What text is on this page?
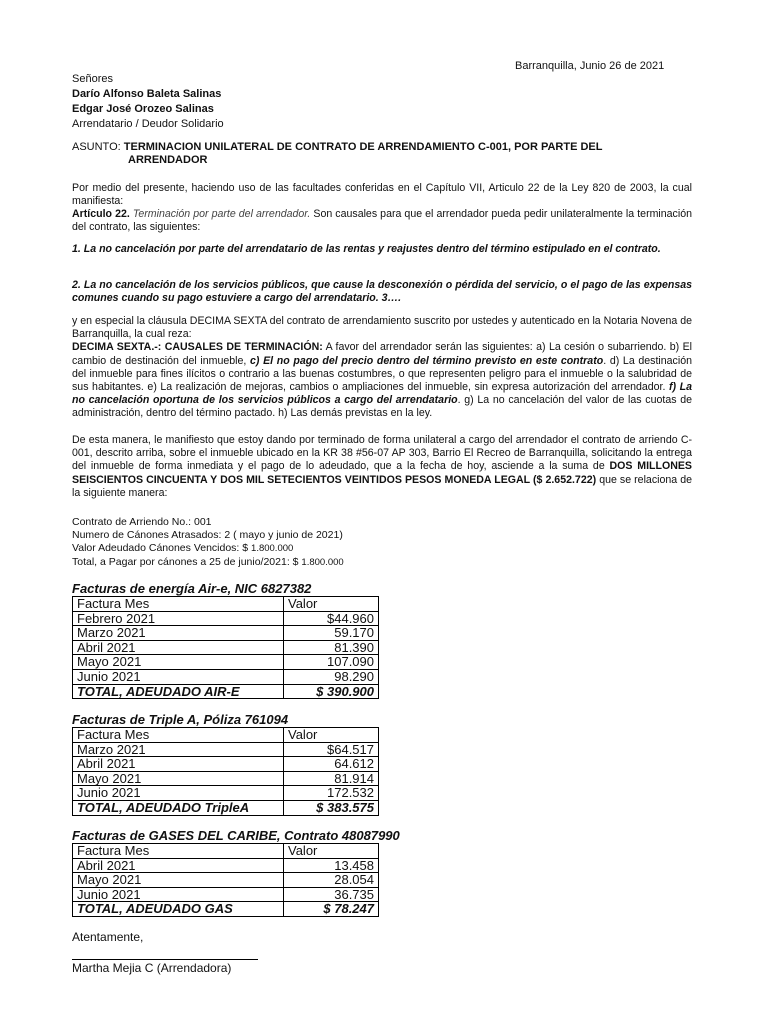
Barranquilla, Junio 26 de 2021
Señores
Darío Alfonso Baleta Salinas
Edgar José Orozeo Salinas
Arrendatario / Deudor Solidario
ASUNTO: TERMINACION UNILATERAL DE CONTRATO DE ARRENDAMIENTO C-001, POR PARTE DEL
ARRENDADOR
Por medio del presente, haciendo uso de las facultades conferidas en el Capítulo VII, Articulo 22 de la Ley 820 de 2003, la cual manifiesta:
Artículo 22. Terminación por parte del arrendador. Son causales para que el arrendador pueda pedir unilateralmente la terminación del contrato, las siguientes:
1. La no cancelación por parte del arrendatario de las rentas y reajustes dentro del término estipulado en el contrato.
2. La no cancelación de los servicios públicos, que cause la desconexión o pérdida del servicio, o el pago de las expensas comunes cuando su pago estuviere a cargo del arrendatario. 3….
y en especial la cláusula DECIMA SEXTA del contrato de arrendamiento suscrito por ustedes y autenticado en la Notaria Novena de Barranquilla, la cual reza:
DECIMA SEXTA.-: CAUSALES DE TERMINACIÓN: A favor del arrendador serán las siguientes: a) La cesión o subarriendo. b) El cambio de destinación del inmueble, c) El no pago del precio dentro del término previsto en este contrato. d) La destinación del inmueble para fines ilícitos o contrario a las buenas costumbres, o que representen peligro para el inmueble o la salubridad de sus habitantes. e) La realización de mejoras, cambios o ampliaciones del inmueble, sin expresa autorización del arrendador. f) La no cancelación oportuna de los servicios públicos a cargo del arrendatario. g) La no cancelación del valor de las cuotas de administración, dentro del término pactado. h) Las demás previstas en la ley.
De esta manera, le manifiesto que estoy dando por terminado de forma unilateral a cargo del arrendador el contrato de arriendo C-001, descrito arriba, sobre el inmueble ubicado en la KR 38 #56-07 AP 303, Barrio El Recreo de Barranquilla, solicitando la entrega del inmueble de forma inmediata y el pago de lo adeudado, que a la fecha de hoy, asciende a la suma de DOS MILLONES SEISCIENTOS CINCUENTA Y DOS MIL SETECIENTOS VEINTIDOS PESOS MONEDA LEGAL ($ 2.652.722) que se relaciona de la siguiente manera:
Contrato de Arriendo No.: 001
Numero de Cánones Atrasados: 2 ( mayo y junio de 2021)
Valor Adeudado Cánones Vencidos: $ 1.800.000
Total, a Pagar por cánones a 25 de junio/2021: $ 1.800.000
Facturas de energía Air-e, NIC 6827382
Factura Mes	Valor
Febrero 2021	$44.960
Marzo 2021	59.170
Abril 2021	81.390
Mayo 2021	107.090
Junio 2021	98.290
TOTAL, ADEUDADO AIR-E	$ 390.900
Facturas de Triple A, Póliza 761094
Factura Mes	Valor
Marzo 2021	$64.517
Abril 2021	64.612
Mayo 2021	81.914
Junio 2021	172.532
TOTAL, ADEUDADO TripleA	$ 383.575
Facturas de GASES DEL CARIBE, Contrato 48087990
Factura Mes	Valor
Abril 2021	13.458
Mayo 2021	28.054
Junio 2021	36.735
TOTAL, ADEUDADO GAS	$ 78.247
Atentamente,
Martha Mejia C (Arrendadora)
